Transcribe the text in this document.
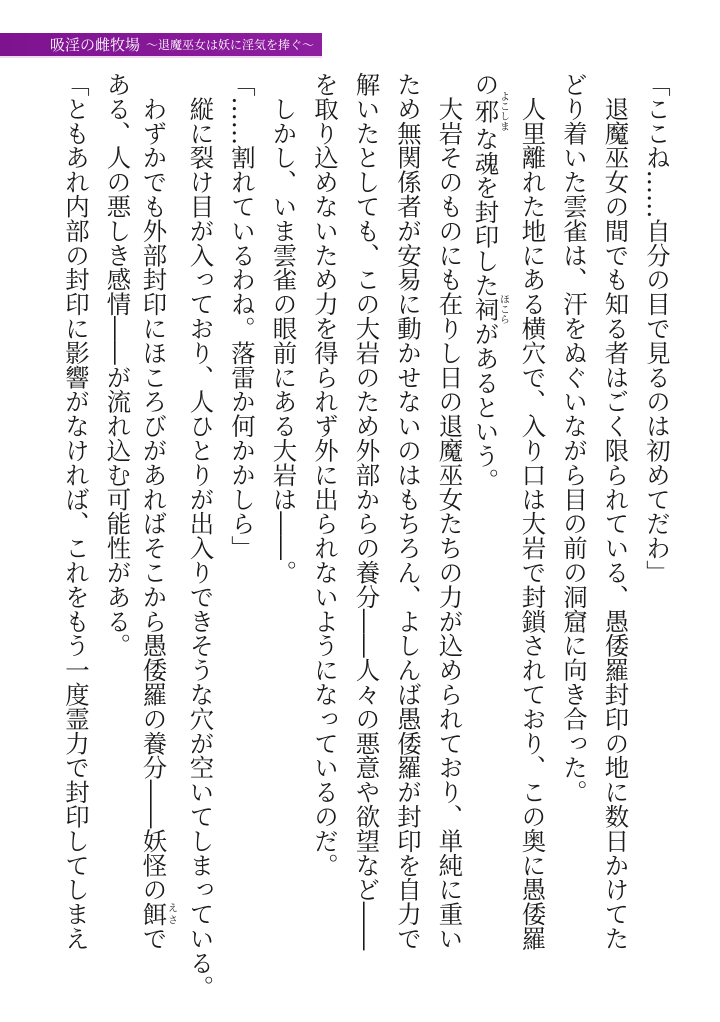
吸淫の雌牧場 ～退魔巫女は妖に淫気を捧ぐ～
「ここね……自分の目で見るのは初めてだわ」
　退魔巫女の間でも知る者はごく限られている、愚倭羅封印の地に数日かけてた
どり着いた雲雀は、汗をぬぐいながら目の前の洞窟に向き合った。
　人里離れた地にある横穴で、入り口は大岩で封鎖されており、この奥に愚倭羅
の邪よこしまな魂を封印した祠ほこらがあるという。
　大岩そのものにも在りし日の退魔巫女たちの力が込められており、単純に重い
ため無関係者が安易に動かせないのはもちろん、よしんば愚倭羅が封印を自力で
解いたとしても、この大岩のため外部からの養分――人々の悪意や欲望など――
を取り込めないため力を得られず外に出られないようになっているのだ。
　しかし、いま雲雀の眼前にある大岩は――。
「……割れているわね。落雷か何かかしら」
　縦に裂け目が入っており、人ひとりが出入りできそうな穴が空いてしまっている。
　わずかでも外部封印にほころびがあればそこから愚倭羅の養分――妖怪の餌えさで
ある、人の悪しき感情――が流れ込む可能性がある。
「ともあれ内部の封印に影響がなければ、これをもう一度霊力で封印してしまえ
